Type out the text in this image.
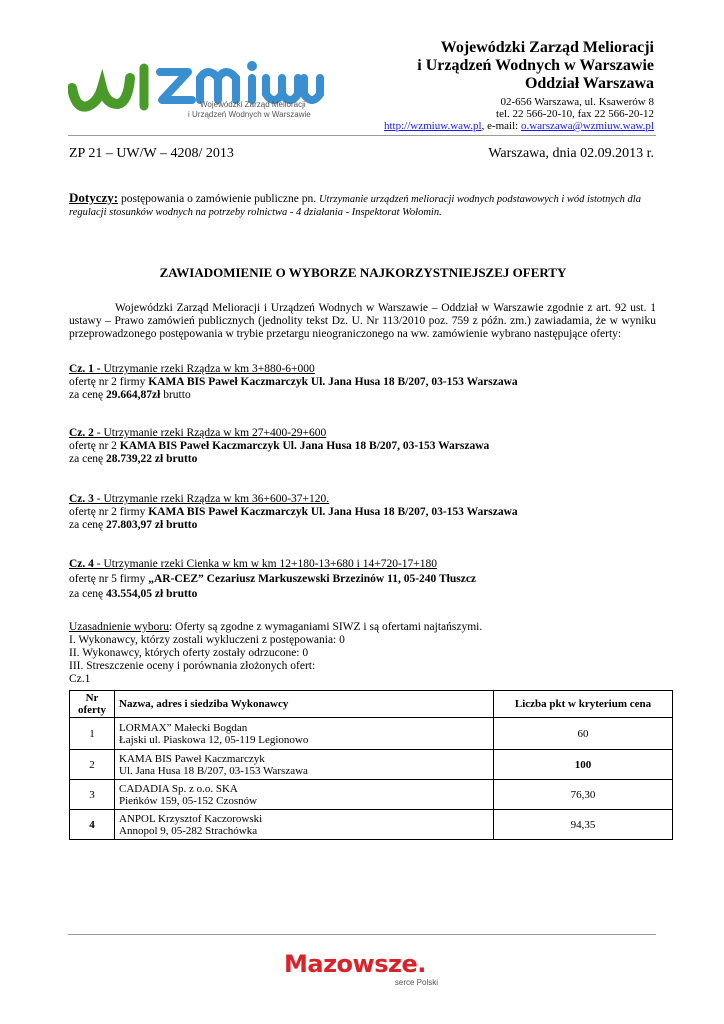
Wojewódzki Zarząd Melioracji
i Urządzeń Wodnych w Warszawie
Wojewódzki Zarząd Melioracji
i Urządzeń Wodnych w Warszawie
Oddział Warszawa
02-656 Warszawa, ul. Ksawerów 8
tel. 22 566-20-10, fax 22 566-20-12
http://wzmiuw.waw.pl, e-mail: o.warszawa@wzmiuw.waw.pl
ZP 21 – UW/W – 4208/ 2013	Warszawa, dnia 02.09.2013 r.
Dotyczy: postępowania o zamówienie publiczne pn. Utrzymanie urządzeń melioracji wodnych podstawowych i wód istotnych dla regulacji stosunków wodnych na potrzeby rolnictwa - 4 działania - Inspektorat Wołomin.
ZAWIADOMIENIE O WYBORZE NAJKORZYSTNIEJSZEJ OFERTY
Wojewódzki Zarząd Melioracji i Urządzeń Wodnych w Warszawie – Oddział w Warszawie zgodnie z art. 92 ust. 1 ustawy – Prawo zamówień publicznych (jednolity tekst Dz. U. Nr 113/2010 poz. 759 z późn. zm.) zawiadamia, że w wyniku przeprowadzonego postępowania w trybie przetargu nieograniczonego na ww. zamówienie wybrano następujące oferty:
Cz. 1 - Utrzymanie rzeki Rządza w km 3+880-6+000
ofertę nr 2 firmy KAMA BIS Paweł Kaczmarczyk Ul. Jana Husa 18 B/207, 03-153 Warszawa
za cenę 29.664,87zł brutto
Cz. 2 - Utrzymanie rzeki Rządza w km 27+400-29+600
ofertę nr 2 KAMA BIS Paweł Kaczmarczyk Ul. Jana Husa 18 B/207, 03-153 Warszawa
za cenę 28.739,22 zł brutto
Cz. 3 - Utrzymanie rzeki Rządza w km 36+600-37+120.
ofertę nr 2 firmy KAMA BIS Paweł Kaczmarczyk Ul. Jana Husa 18 B/207, 03-153 Warszawa
za cenę 27.803,97 zł brutto
Cz. 4 - Utrzymanie rzeki Cienka w km w km 12+180-13+680 i 14+720-17+180
ofertę nr 5 firmy „AR-CEZ” Cezariusz Markuszewski Brzezinów 11, 05-240 Tłuszcz
za cenę 43.554,05 zł brutto
Uzasadnienie wyboru: Oferty są zgodne z wymaganiami SIWZ i są ofertami najtańszymi.
I. Wykonawcy, którzy zostali wykluczeni z postępowania: 0
II. Wykonawcy, których oferty zostały odrzucone: 0
III. Streszczenie oceny i porównania złożonych ofert:
Cz.1
Nr oferty	Nazwa, adres i siedziba Wykonawcy	Liczba pkt w kryterium cena
1	LORMAX” Małecki Bogdan
Łajski ul. Piaskowa 12, 05-119 Legionowo	60
2	KAMA BIS Paweł Kaczmarczyk
Ul. Jana Husa 18 B/207, 03-153 Warszawa	100
3	CADADIA Sp. z o.o. SKA
Pieńków 159, 05-152 Czosnów	76,30
4	ANPOL Krzysztof Kaczorowski
Annopol 9, 05-282 Strachówka	94,35
Mazowsze.
serce Polski
